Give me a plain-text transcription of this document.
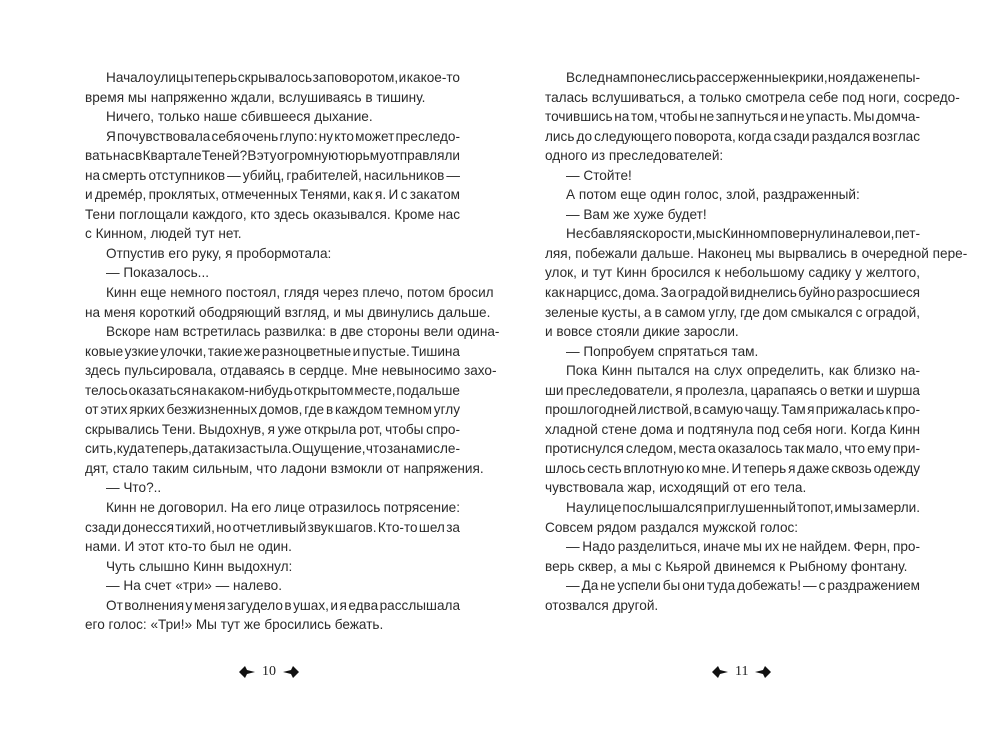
Начало улицы теперь скрывалось за поворотом, и какое-то
время мы напряженно ждали, вслушиваясь в тишину.
Ничего, только наше сбившееся дыхание.
Я почувствовала себя очень глупо: ну кто может преследо-
вать нас в Квартале Теней? В эту огромную тюрьму отправляли
на смерть отступников — убийц, грабителей, насильников —
и дреме́р, проклятых, отмеченных Тенями, как я. И с закатом
Тени поглощали каждого, кто здесь оказывался. Кроме нас
с Кинном, людей тут нет.
Отпустив его руку, я пробормотала:
— Показалось...
Кинн еще немного постоял, глядя через плечо, потом бросил
на меня короткий ободряющий взгляд, и мы двинулись дальше.
Вскоре нам встретилась развилка: в две стороны вели одина-
ковые узкие улочки, такие же разноцветные и пустые. Тишина
здесь пульсировала, отдаваясь в сердце. Мне невыносимо захо-
телось оказаться на каком-нибудь открытом месте, подальше
от этих ярких безжизненных домов, где в каждом темном углу
скрывались Тени. Выдохнув, я уже открыла рот, чтобы спро-
сить, куда теперь, да так и застыла. Ощущение, что за нами сле-
дят, стало таким сильным, что ладони взмокли от напряжения.
— Что?..
Кинн не договорил. На его лице отразилось потрясение:
сзади донесся тихий, но отчетливый звук шагов. Кто-то шел за
нами. И этот кто-то был не один.
Чуть слышно Кинн выдохнул:
— На счет «три» — налево.
От волнения у меня загудело в ушах, и я едва расслышала
его голос: «Три!» Мы тут же бросились бежать.
Вслед нам понеслись рассерженные крики, но я даже не пы-
талась вслушиваться, а только смотрела себе под ноги, сосредо-
точившись на том, чтобы не запнуться и не упасть. Мы домча-
лись до следующего поворота, когда сзади раздался возглас
одного из преследователей:
— Стойте!
А потом еще один голос, злой, раздраженный:
— Вам же хуже будет!
Не сбавляя скорости, мы с Кинном повернули налево и, пет-
ляя, побежали дальше. Наконец мы вырвались в очередной пере-
улок, и тут Кинн бросился к небольшому садику у желтого,
как нарцисс, дома. За оградой виднелись буйно разросшиеся
зеленые кусты, а в самом углу, где дом смыкался с оградой,
и вовсе стояли дикие заросли.
— Попробуем спрятаться там.
Пока Кинн пытался на слух определить, как близко на-
ши преследователи, я пролезла, царапаясь о ветки и шурша
прошлогодней листвой, в самую чащу. Там я прижалась к про-
хладной стене дома и подтянула под себя ноги. Когда Кинн
протиснулся следом, места оказалось так мало, что ему при-
шлось сесть вплотную ко мне. И теперь я даже сквозь одежду
чувствовала жар, исходящий от его тела.
На улице послышался приглушенный топот, и мы замерли.
Совсем рядом раздался мужской голос:
— Надо разделиться, иначе мы их не найдем. Ферн, про-
верь сквер, а мы с Кьярой двинемся к Рыбному фонтану.
— Да не успели бы они туда добежать! — с раздражением
отозвался другой.
10	11
